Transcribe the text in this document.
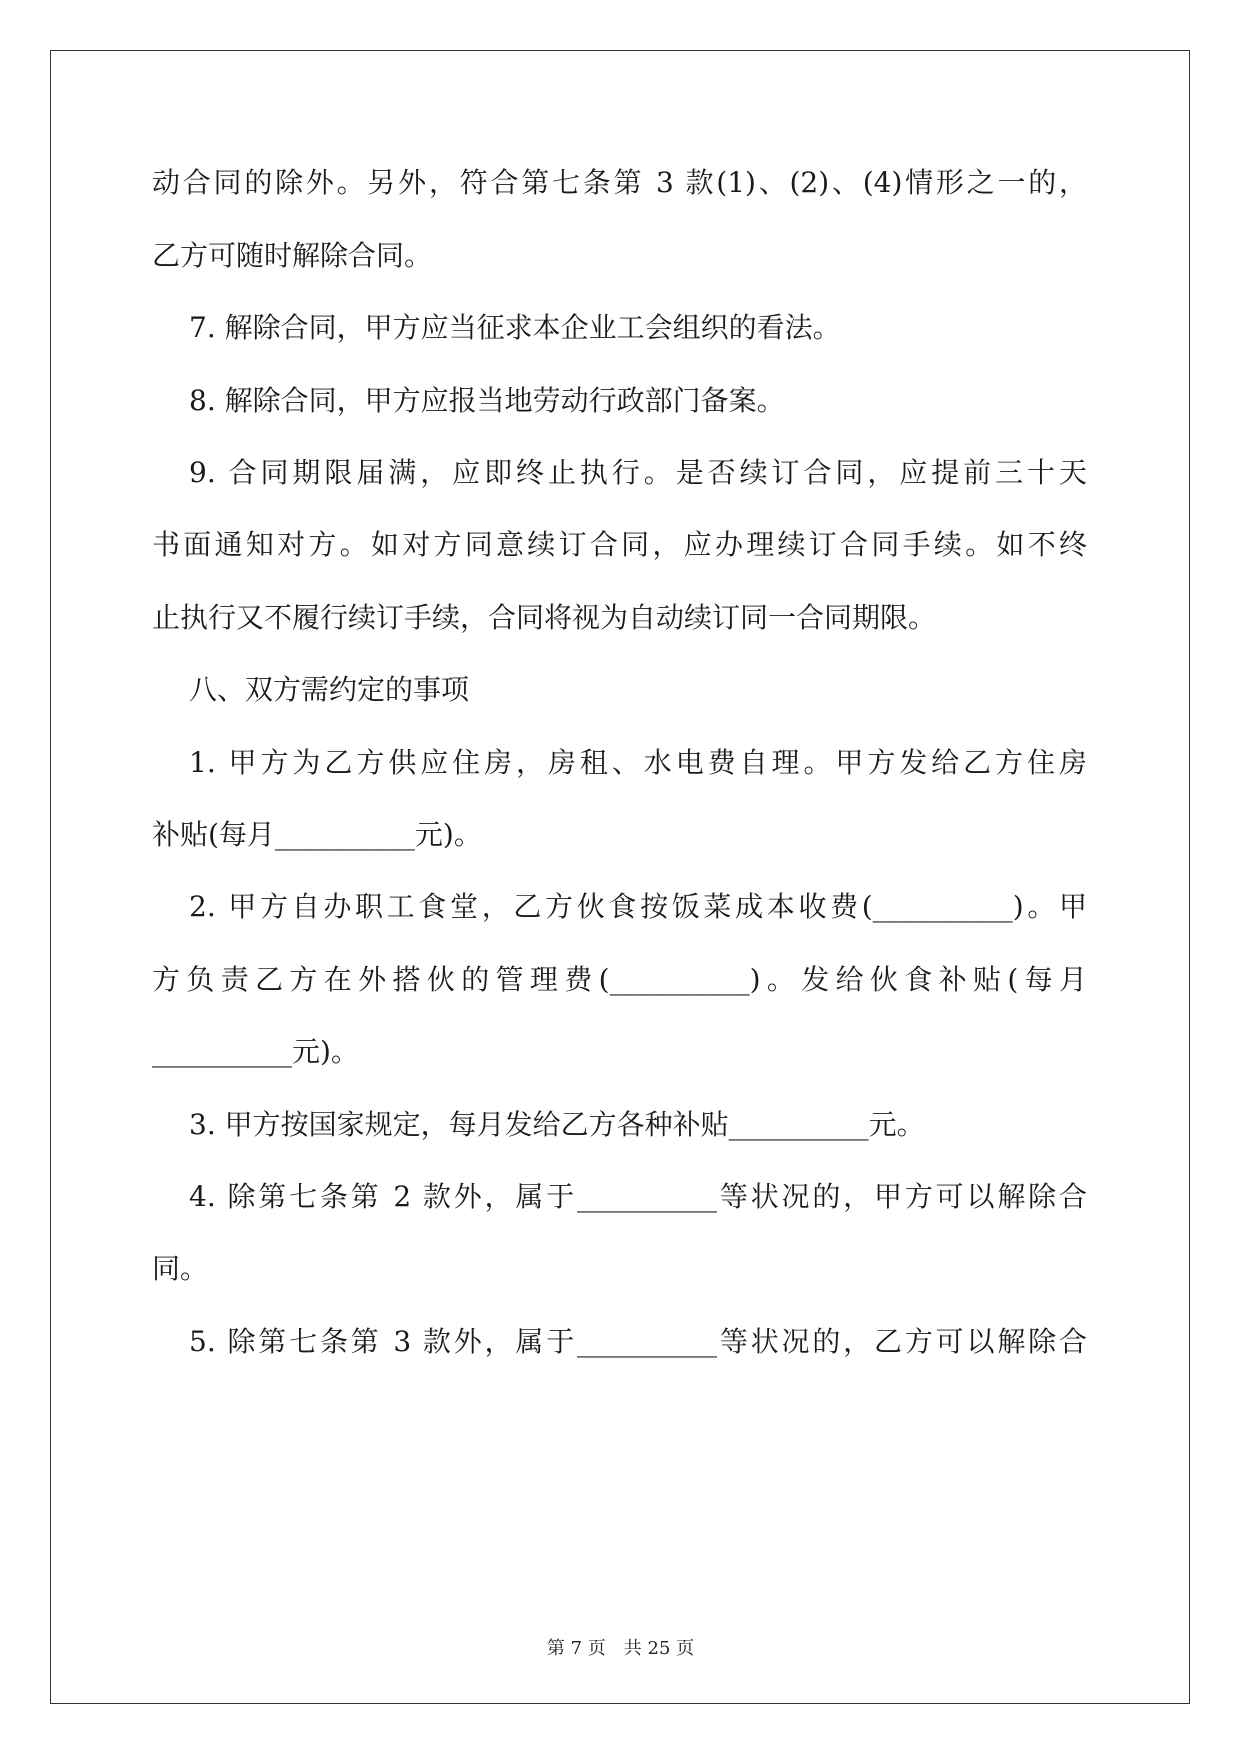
动合同的除外。另外，符合第七条第 3 款(1)、(2)、(4)情形之一的，
乙方可随时解除合同。
7. 解除合同，甲方应当征求本企业工会组织的看法。
8. 解除合同，甲方应报当地劳动行政部门备案。
9. 合同期限届满，应即终止执行。是否续订合同，应提前三十天
书面通知对方。如对方同意续订合同，应办理续订合同手续。如不终
止执行又不履行续订手续，合同将视为自动续订同一合同期限。
八、双方需约定的事项
1. 甲方为乙方供应住房，房租、水电费自理。甲方发给乙方住房
补贴(每月__________元)。
2. 甲方自办职工食堂，乙方伙食按饭菜成本收费(__________)。甲
方负责乙方在外搭伙的管理费(__________)。发给伙食补贴(每月
__________元)。
3. 甲方按国家规定，每月发给乙方各种补贴__________元。
4. 除第七条第 2 款外，属于__________等状况的，甲方可以解除合
同。
5. 除第七条第 3 款外，属于__________等状况的，乙方可以解除合
第 7 页　共 25 页
